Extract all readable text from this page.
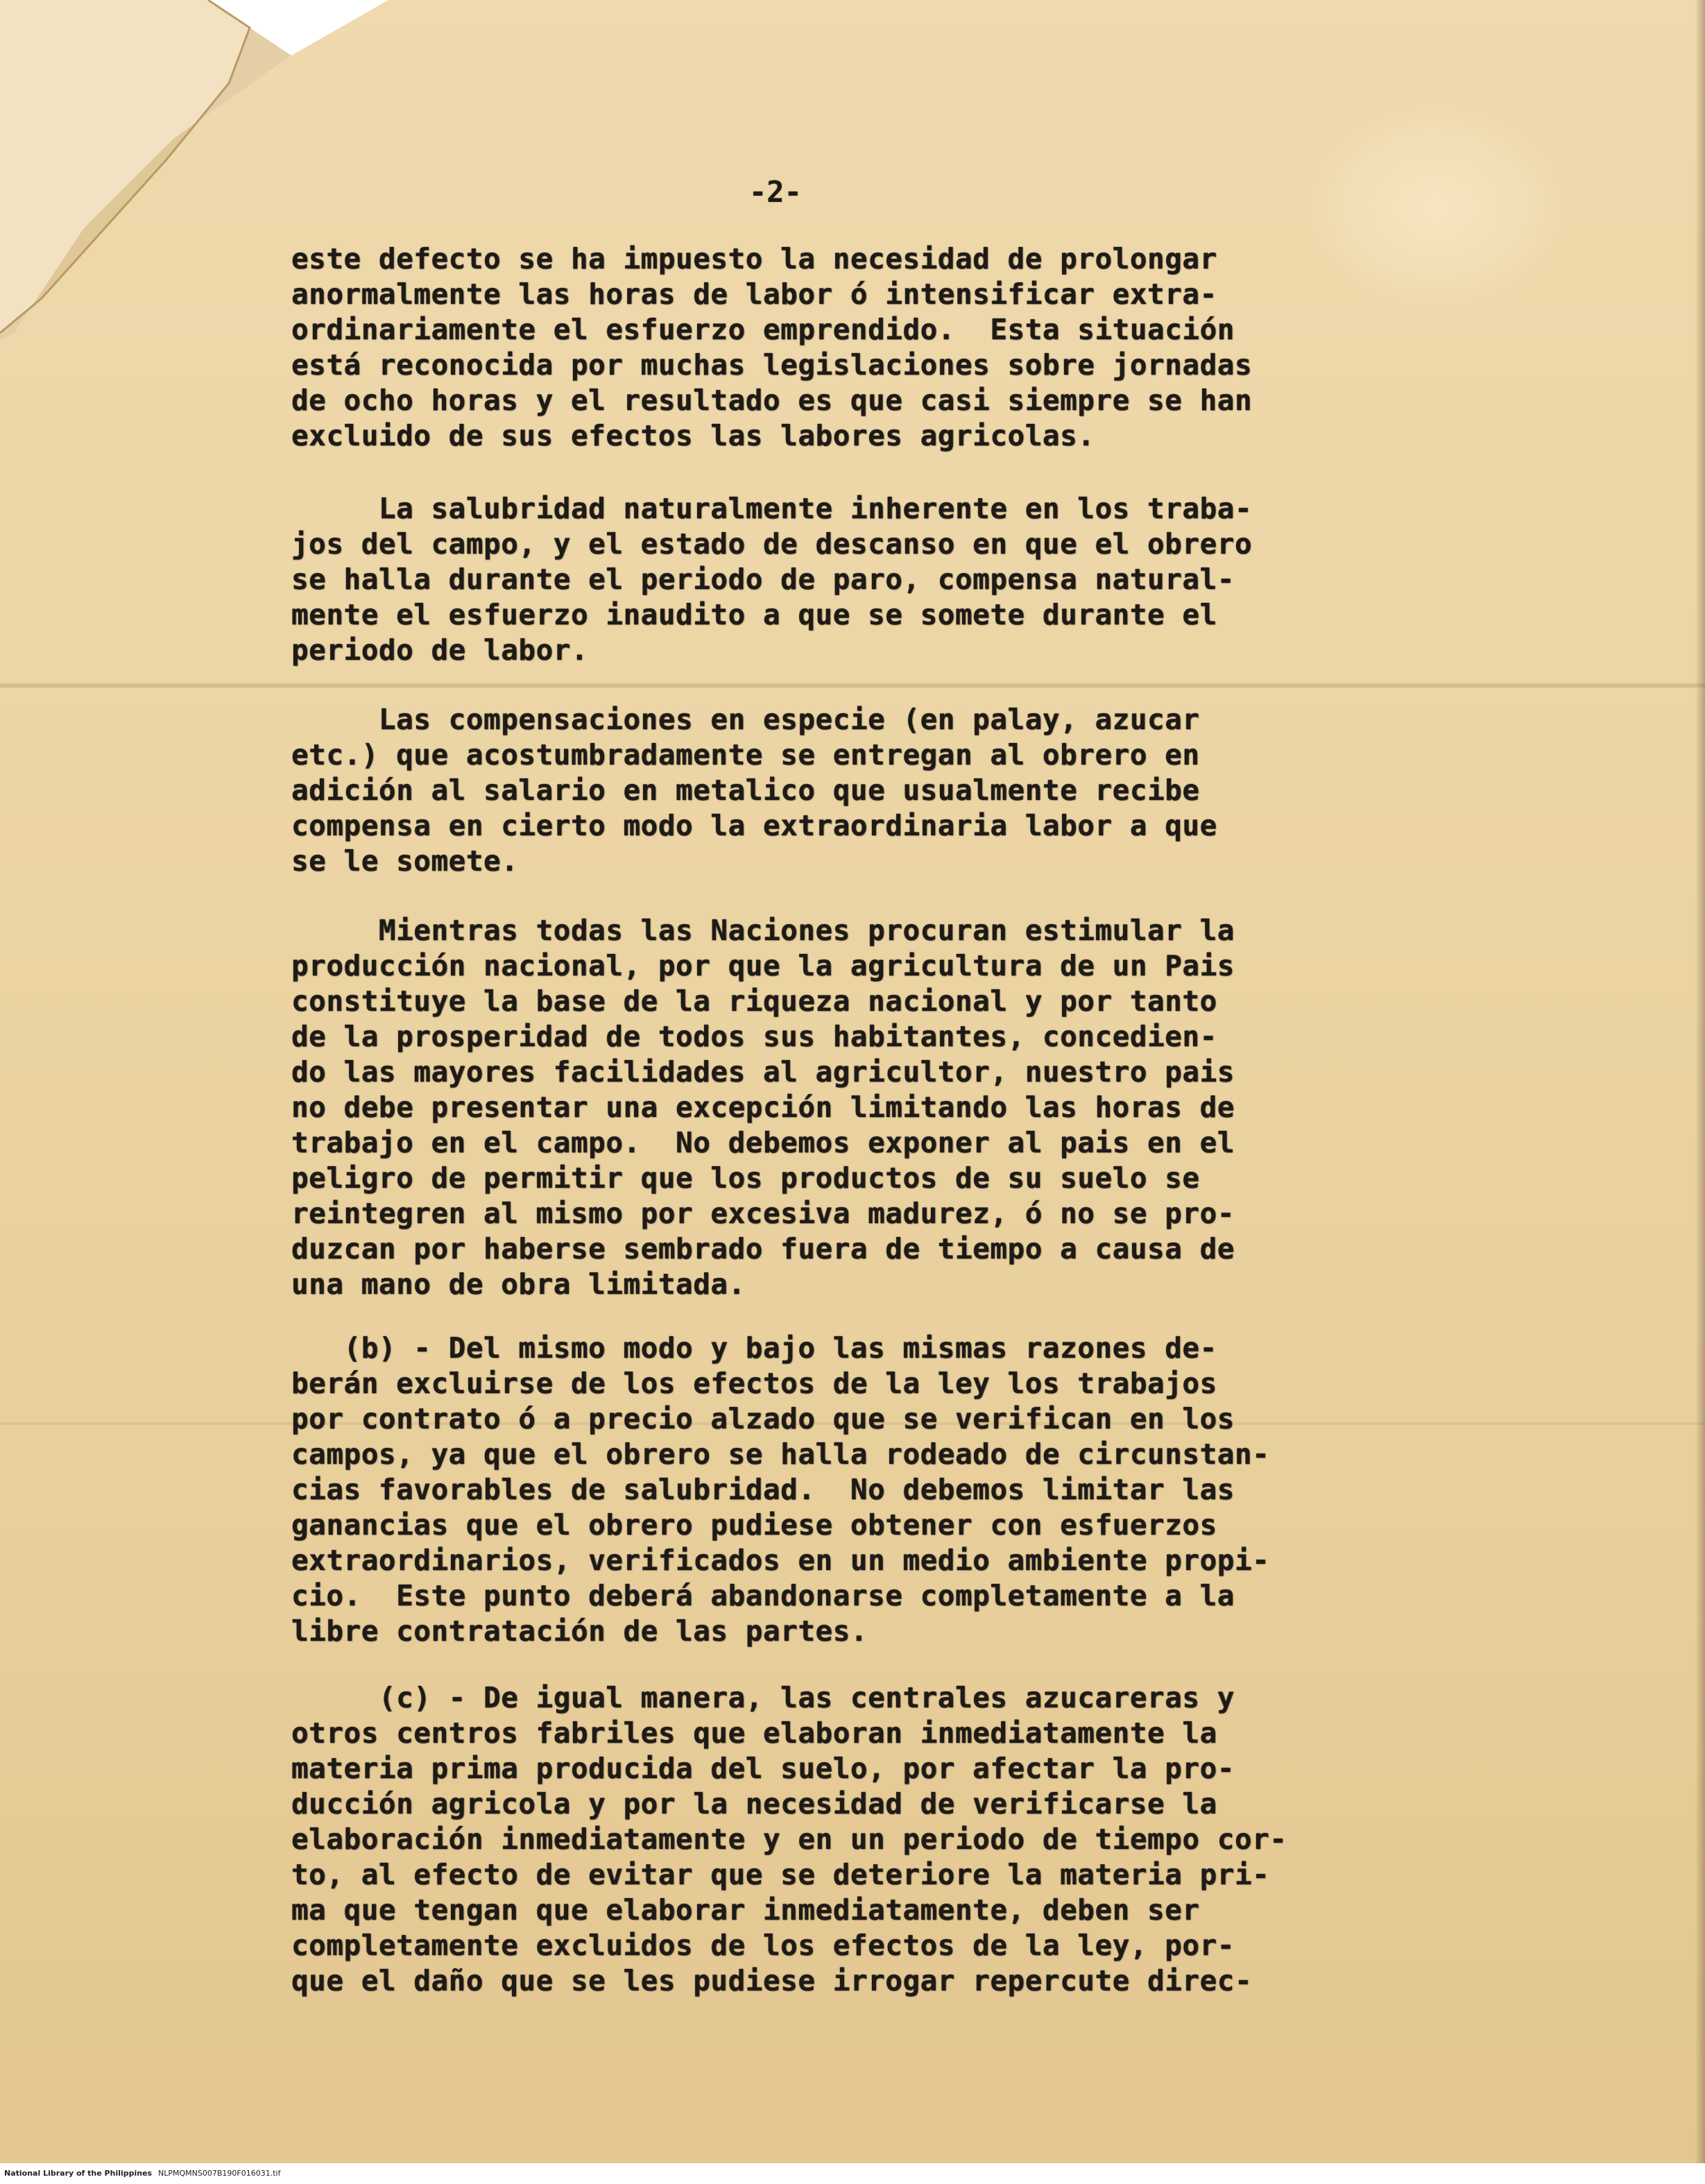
-2-
este defecto se ha impuesto la necesidad de prolongar
anormalmente las horas de labor ó intensificar extra-
ordinariamente el esfuerzo emprendido.  Esta situación
está reconocida por muchas legislaciones sobre jornadas
de ocho horas y el resultado es que casi siempre se han
excluido de sus efectos las labores agricolas.
La salubridad naturalmente inherente en los traba-
jos del campo, y el estado de descanso en que el obrero
se halla durante el periodo de paro, compensa natural-
mente el esfuerzo inaudito a que se somete durante el
periodo de labor.
Las compensaciones en especie (en palay, azucar
etc.) que acostumbradamente se entregan al obrero en
adición al salario en metalico que usualmente recibe
compensa en cierto modo la extraordinaria labor a que
se le somete.
Mientras todas las Naciones procuran estimular la
producción nacional, por que la agricultura de un Pais
constituye la base de la riqueza nacional y por tanto
de la prosperidad de todos sus habitantes, concedien-
do las mayores facilidades al agricultor, nuestro pais
no debe presentar una excepción limitando las horas de
trabajo en el campo.  No debemos exponer al pais en el
peligro de permitir que los productos de su suelo se
reintegren al mismo por excesiva madurez, ó no se pro-
duzcan por haberse sembrado fuera de tiempo a causa de
una mano de obra limitada.
(b) - Del mismo modo y bajo las mismas razones de-
berán excluirse de los efectos de la ley los trabajos
por contrato ó a precio alzado que se verifican en los
campos, ya que el obrero se halla rodeado de circunstan-
cias favorables de salubridad.  No debemos limitar las
ganancias que el obrero pudiese obtener con esfuerzos
extraordinarios, verificados en un medio ambiente propi-
cio.  Este punto deberá abandonarse completamente a la
libre contratación de las partes.
(c) - De igual manera, las centrales azucareras y
otros centros fabriles que elaboran inmediatamente la
materia prima producida del suelo, por afectar la pro-
ducción agricola y por la necesidad de verificarse la
elaboración inmediatamente y en un periodo de tiempo cor-
to, al efecto de evitar que se deteriore la materia pri-
ma que tengan que elaborar inmediatamente, deben ser
completamente excluidos de los efectos de la ley, por-
que el daño que se les pudiese irrogar repercute direc-
National Library of the Philippines NLPMQMNS007B190F016031.tif
